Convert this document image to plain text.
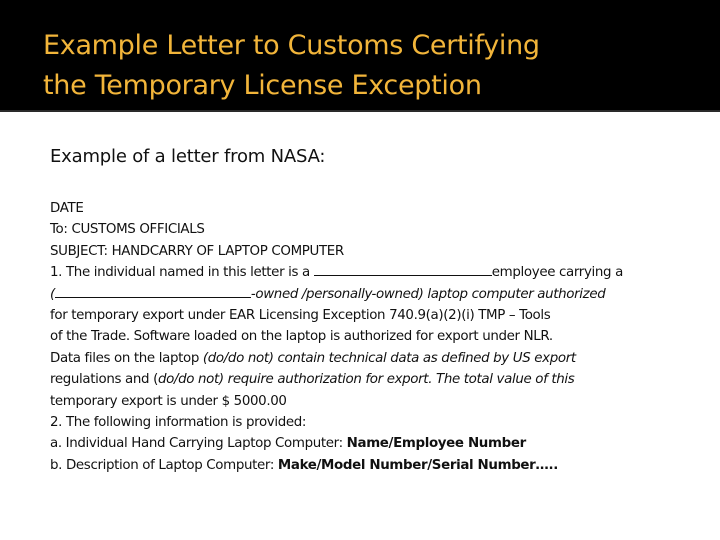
Example Letter to Customs Certifying
the Temporary License Exception
Example of a letter from NASA:
DATE
To: CUSTOMS OFFICIALS
SUBJECT: HANDCARRY OF LAPTOP COMPUTER
1. The individual named in this letter is a	employee carrying a
(	-owned /personally-owned) laptop computer authorized
for temporary export under EAR Licensing Exception 740.9(a)(2)(i) TMP – Tools
of the Trade. Software loaded on the laptop is authorized for export under NLR.
Data files on the laptop (do/do not) contain technical data as defined by US export
regulations and (do/do not) require authorization for export. The total value of this
temporary export is under $ 5000.00
2. The following information is provided:
a. Individual Hand Carrying Laptop Computer: Name/Employee Number
b. Description of Laptop Computer: Make/Model Number/Serial Number…..
